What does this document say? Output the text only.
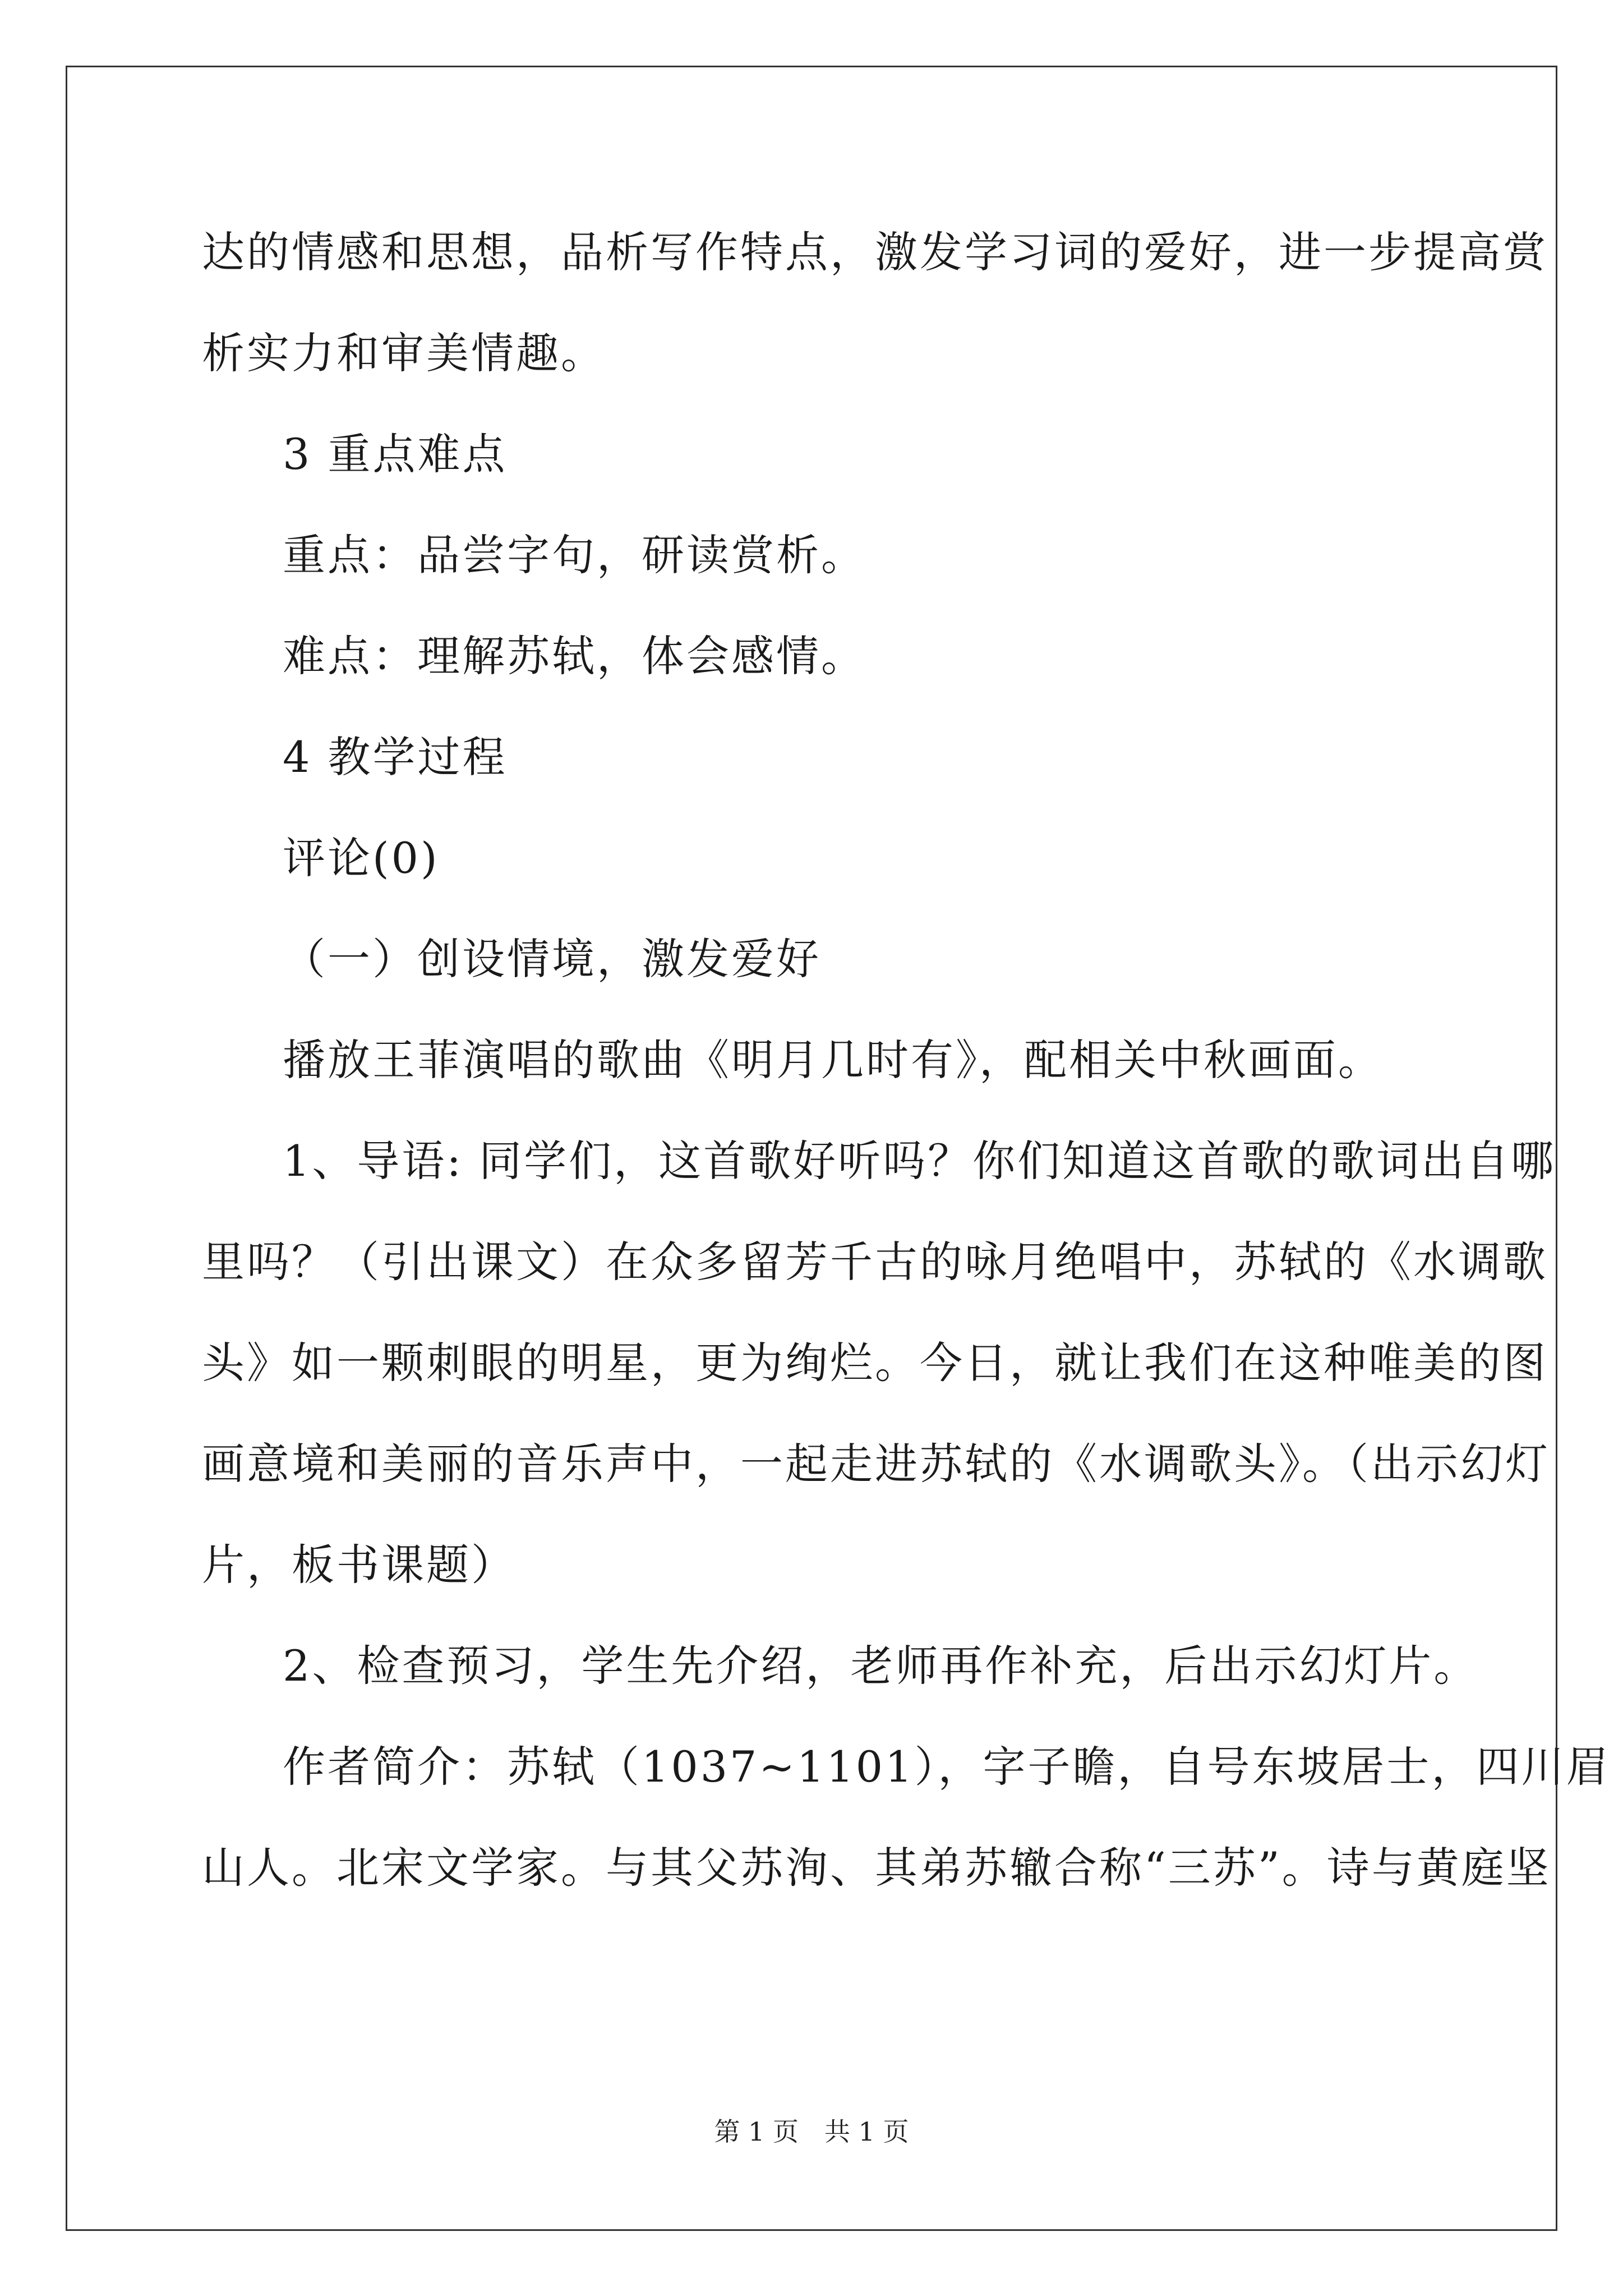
达的情感和思想，品析写作特点，激发学习词的爱好，进一步提高赏
析实力和审美情趣。
3 重点难点
重点：品尝字句，研读赏析。
难点：理解苏轼，体会感情。
4 教学过程
评论(0)
（一）创设情境，激发爱好
播放王菲演唱的歌曲《明月几时有》，配相关中秋画面。
1、导语: 同学们，这首歌好听吗？你们知道这首歌的歌词出自哪
里吗？（引出课文）在众多留芳千古的咏月绝唱中，苏轼的《水调歌
头》如一颗刺眼的明星，更为绚烂。今日，就让我们在这种唯美的图
画意境和美丽的音乐声中，一起走进苏轼的《水调歌头》。（出示幻灯
片，板书课题）
2、检查预习，学生先介绍，老师再作补充，后出示幻灯片。
作者简介：苏轼（1037~1101），字子瞻，自号东坡居士，四川眉
山人。北宋文学家。与其父苏洵、其弟苏辙合称“三苏”。诗与黄庭坚
第 1 页　共 1 页
